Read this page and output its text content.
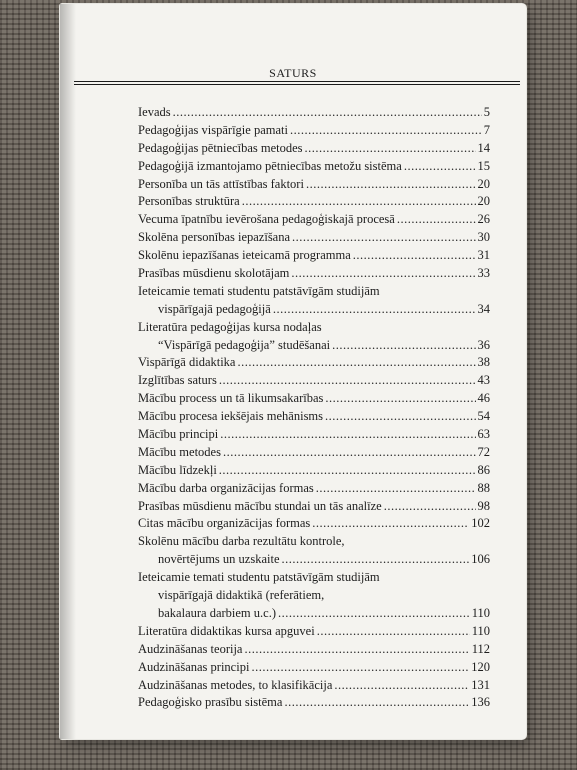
SATURS
Ievads .....	5
Pedagoģijas vispārīgie pamati .....	7
Pedagoģijas pētniecības metodes .....	14
Pedagoģijā izmantojamo pētniecības metožu sistēma .....	15
Personība un tās attīstības faktori .....	20
Personības struktūra .....	20
Vecuma īpatnību ievērošana pedagoģiskajā procesā .....	26
Skolēna personības iepazīšana .....	30
Skolēnu iepazīšanas ieteicamā programma .....	31
Prasības mūsdienu skolotājam .....	33
Ieteicamie temati studentu patstāvīgām studijām
vispārīgajā pedagoģijā .....	34
Literatūra pedagoģijas kursa nodaļas
“Vispārīgā pedagoģija” studēšanai .....	36
Vispārīgā didaktika .....	38
Izglītības saturs .....	43
Mācību process un tā likumsakarības .....	46
Mācību procesa iekšējais mehānisms .....	54
Mācību principi .....	63
Mācību metodes .....	72
Mācību līdzekļi .....	86
Mācību darba organizācijas formas .....	88
Prasības mūsdienu mācību stundai un tās analīze .....	98
Citas mācību organizācijas formas .....	102
Skolēnu mācību darba rezultātu kontrole,
novērtējums un uzskaite .....	106
Ieteicamie temati studentu patstāvīgām studijām
vispārīgajā didaktikā (referātiem,
bakalaura darbiem u.c.) .....	110
Literatūra didaktikas kursa apguvei .....	110
Audzināšanas teorija .....	112
Audzināšanas principi .....	120
Audzināšanas metodes, to klasifikācija .....	131
Pedagoģisko prasību sistēma .....	136
